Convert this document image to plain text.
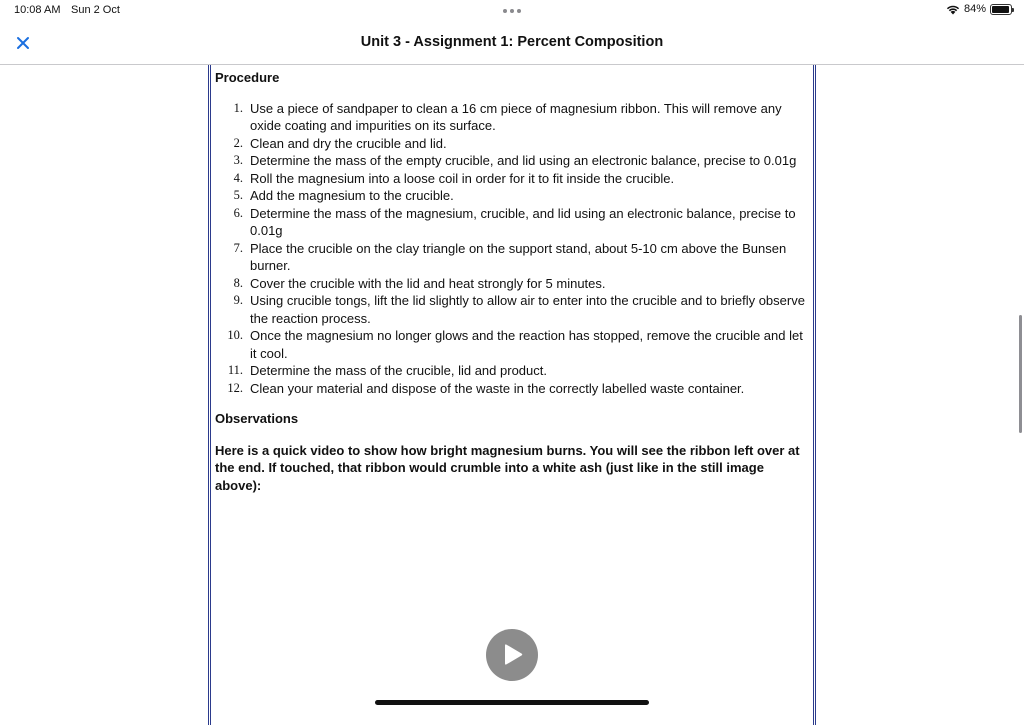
10:08 AM Sun 2 Oct	84%
Unit 3 - Assignment 1: Percent Composition
Procedure
1. Use a piece of sandpaper to clean a 16 cm piece of magnesium ribbon. This will remove any oxide coating and impurities on its surface.
2. Clean and dry the crucible and lid.
3. Determine the mass of the empty crucible, and lid using an electronic balance, precise to 0.01g
4. Roll the magnesium into a loose coil in order for it to fit inside the crucible.
5. Add the magnesium to the crucible.
6. Determine the mass of the magnesium, crucible, and lid using an electronic balance, precise to 0.01g
7. Place the crucible on the clay triangle on the support stand, about 5-10 cm above the Bunsen burner.
8. Cover the crucible with the lid and heat strongly for 5 minutes.
9. Using crucible tongs, lift the lid slightly to allow air to enter into the crucible and to briefly observe the reaction process.
10. Once the magnesium no longer glows and the reaction has stopped, remove the crucible and let it cool.
11. Determine the mass of the crucible, lid and product.
12. Clean your material and dispose of the waste in the correctly labelled waste container.
Observations
Here is a quick video to show how bright magnesium burns. You will see the ribbon left over at the end. If touched, that ribbon would crumble into a white ash (just like in the still image above):
